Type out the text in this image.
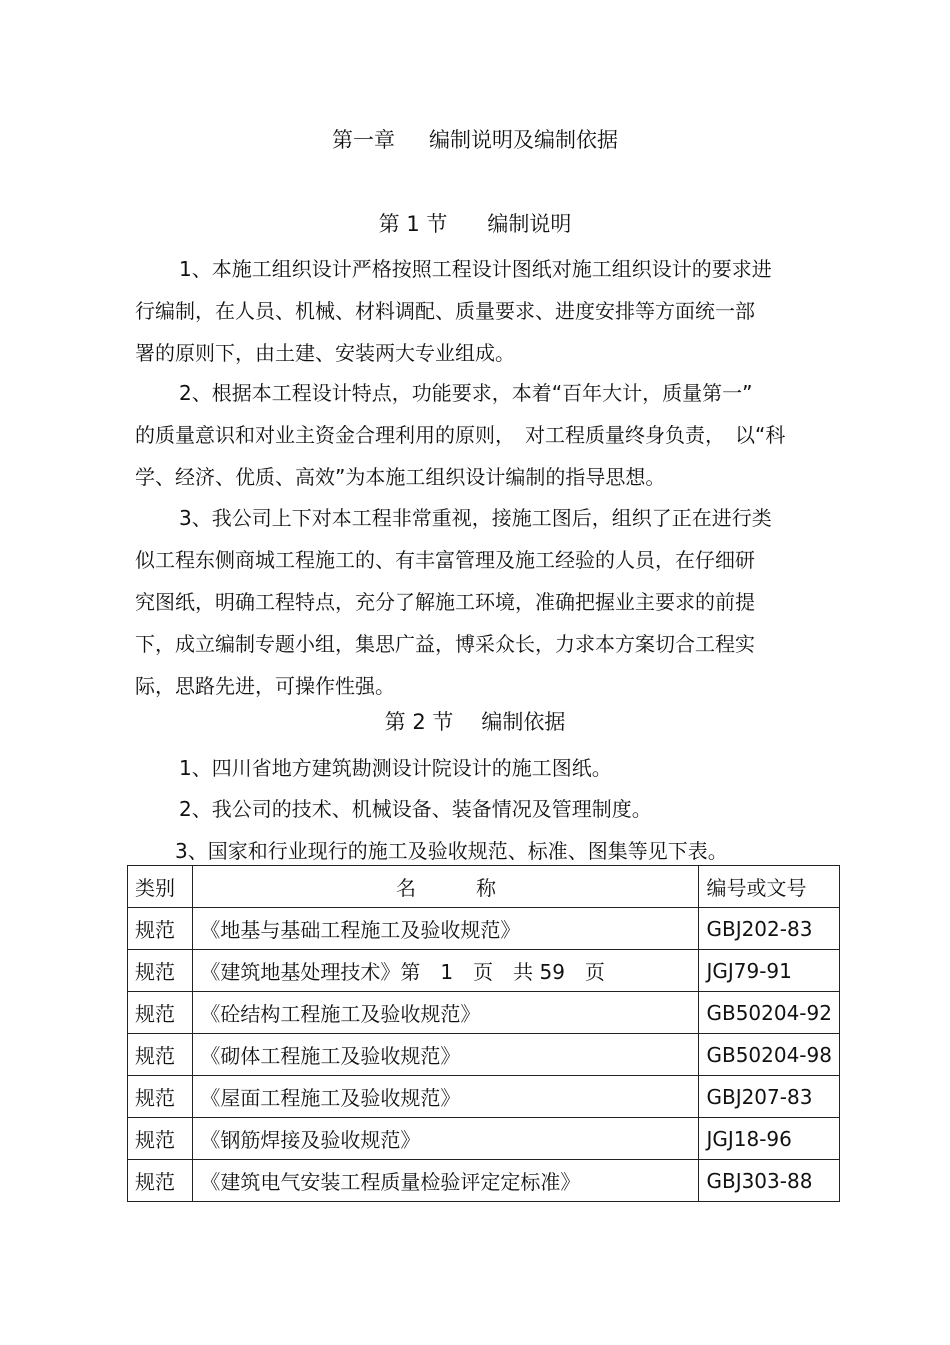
第一章 编制说明及编制依据
第 1 节 编制说明
1、本施工组织设计严格按照工程设计图纸对施工组织设计的要求进
行编制，在人员、机械、材料调配、质量要求、进度安排等方面统一部
署的原则下，由土建、安装两大专业组成。
2、根据本工程设计特点，功能要求，本着“百年大计，质量第一”
的质量意识和对业主资金合理利用的原则，　对工程质量终身负责，　以“科
学、经济、优质、高效”为本施工组织设计编制的指导思想。
3、我公司上下对本工程非常重视，接施工图后，组织了正在进行类
似工程东侧商城工程施工的、有丰富管理及施工经验的人员，在仔细研
究图纸，明确工程特点，充分了解施工环境，准确把握业主要求的前提
下，成立编制专题小组，集思广益，博采众长，力求本方案切合工程实
际，思路先进，可操作性强。
第 2 节 编制依据
1、四川省地方建筑勘测设计院设计的施工图纸。
2、我公司的技术、机械设备、装备情况及管理制度。
3、国家和行业现行的施工及验收规范、标准、图集等见下表。
类别	名 称	编号或文号
规范	《地基与基础工程施工及验收规范》	GBJ202-83
规范	《建筑地基处理技术》第　1　页　共 59　页	JGJ79-91
规范	《砼结构工程施工及验收规范》	GB50204-92
规范	《砌体工程施工及验收规范》	GB50204-98
规范	《屋面工程施工及验收规范》	GBJ207-83
规范	《钢筋焊接及验收规范》	JGJ18-96
规范	《建筑电气安装工程质量检验评定定标准》	GBJ303-88
